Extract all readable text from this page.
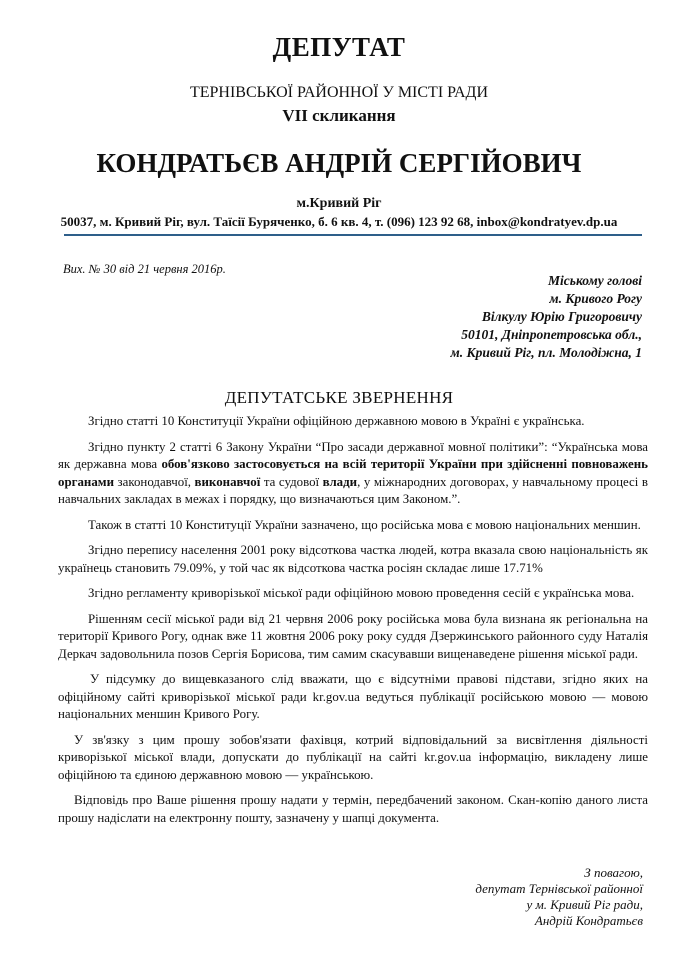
ДЕПУТАТ
ТЕРНІВСЬКОЇ РАЙОННОЇ У МІСТІ РАДИ
VII скликання
КОНДРАТЬЄВ АНДРІЙ СЕРГІЙОВИЧ
м.Кривий Ріг
50037, м. Кривий Ріг, вул. Таїсії Буряченко, б. 6 кв. 4, т. (096) 123 92 68, inbox@kondratyev.dp.ua
Вих. № 30 від 21 червня 2016р.
Міському голові
м. Кривого Рогу
Вілкулу Юрію Григоровичу
50101, Дніпропетровська обл.,
м. Кривий Ріг, пл. Молодіжна, 1
ДЕПУТАТСЬКЕ ЗВЕРНЕННЯ

Згідно статті 10 Конституції України офіційною державною мовою в Україні є українська.

Згідно пункту 2 статті 6 Закону України “Про засади державної мовної політики”: “Українська мова як державна мова обов'язково застосовується на всій території України при здійсненні повноважень органами законодавчої, виконавчої та судової влади, у міжнародних договорах, у навчальному процесі в навчальних закладах в межах і порядку, що визначаються цим Законом.”.

Також в статті 10 Конституції України зазначено, що російська мова є мовою національних меншин.

Згідно перепису населення 2001 року відсоткова частка людей, котра вказала свою національність як українець становить 79.09%, у той час як відсоткова частка росіян складає лише 17.71%

Згідно регламенту криворізької міської ради офіційною мовою проведення сесій є українська мова.

Рішенням сесії міської ради від 21 червня 2006 року російська мова була визнана як регіональна на території Кривого Рогу, однак вже 11 жовтня 2006 року року суддя Дзержинського районного суду Наталія Деркач задовольнила позов Сергія Борисова, тим самим скасувавши вищенаведене рішення міської ради.

У підсумку до вищевказаного слід вважати, що є відсутніми правові підстави, згідно яких на офіційному сайті криворізької міської ради kr.gov.ua ведуться публікації російською мовою — мовою національних меншин Кривого Рогу.

У зв'язку з цим прошу зобов'язати фахівця, котрий відповідальний за висвітлення діяльності криворізької міської влади, допускати до публікації на сайті kr.gov.ua інформацію, викладену лише офіційною та єдиною державною мовою — українською.

Відповідь про Ваше рішення прошу надати у термін, передбачений законом. Скан-копію даного листа прошу надіслати на електронну пошту, зазначену у шапці документа.

З повагою,
депутат Тернівської районної
у м. Кривий Ріг ради,
Андрій Кондратьєв
